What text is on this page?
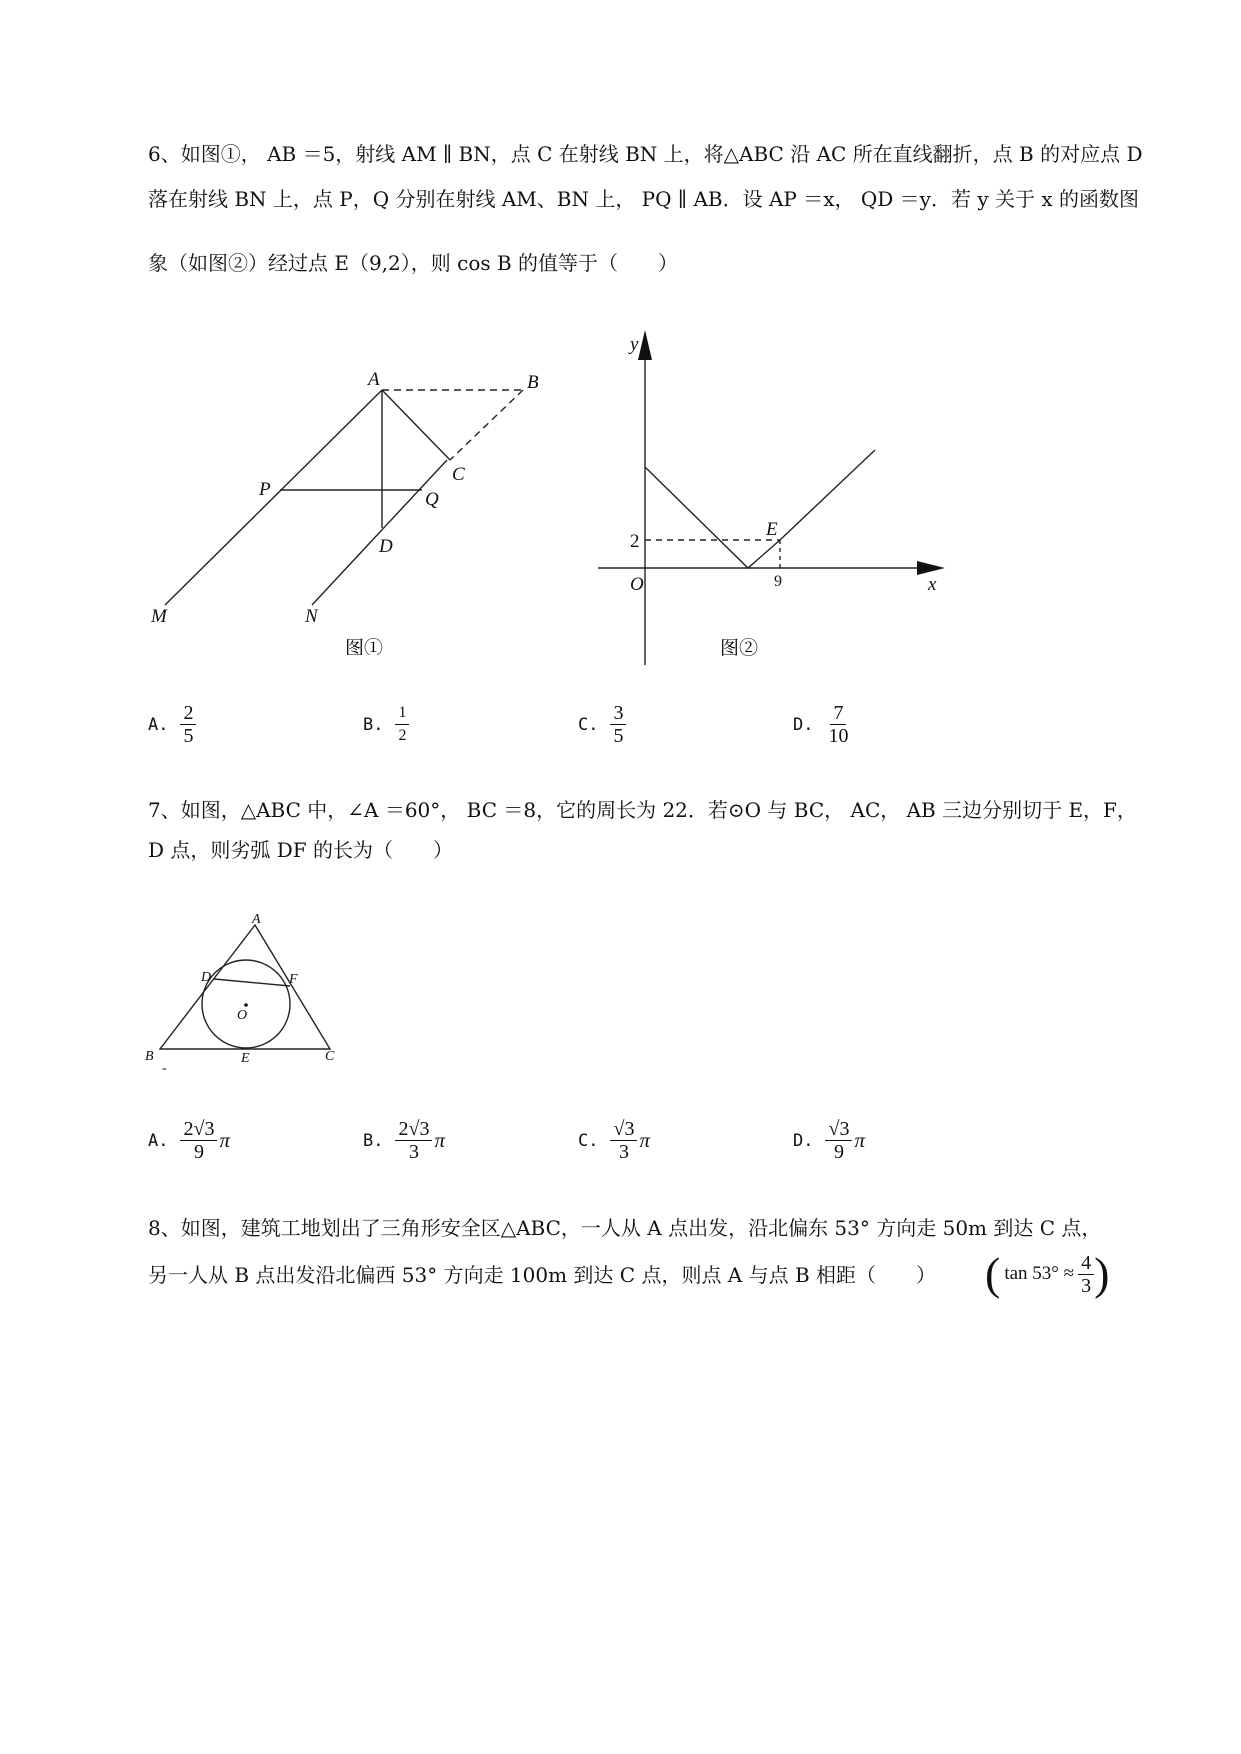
6、如图①， AB ＝5，射线 AM ∥ BN，点 C 在射线 BN 上，将△ABC 沿 AC 所在直线翻折，点 B 的对应点 D
落在射线 BN 上，点 P，Q 分别在射线 AM、BN 上， PQ ∥ AB．设 AP ＝x， QD ＝y．若 y 关于 x 的函数图
象（如图②）经过点 E（9,2），则 cos B 的值等于（　　）
A	B
C
P	Q
D
M	N
图①
y
x
O
E
2
9
图②
A. $\frac{2}{5}$	B. $\frac{1}{2}$	C. $\frac{3}{5}$	D. $\frac{7}{10}$
7、如图，△ABC 中，∠A ＝60°， BC ＝8，它的周长为 22．若⊙O 与 BC， AC， AB 三边分别切于 E，F，
D 点，则劣弧 DF 的长为（　　）
A
D	F
O
B	E	C
-
A. $\frac{2√3}{9}$ π	B. $\frac{2√3}{3}$ π	C. $\frac{√3}{3}$ π	D. $\frac{√3}{9}$ π
8、如图，建筑工地划出了三角形安全区△ABC，一人从 A 点出发，沿北偏东 53° 方向走 50m 到达 C 点，
另一人从 B 点出发沿北偏西 53° 方向走 100m 到达 C 点，则点 A 与点 B 相距（　　） ( $\tan 53^\circ \approx \frac{4}{3}$ )
